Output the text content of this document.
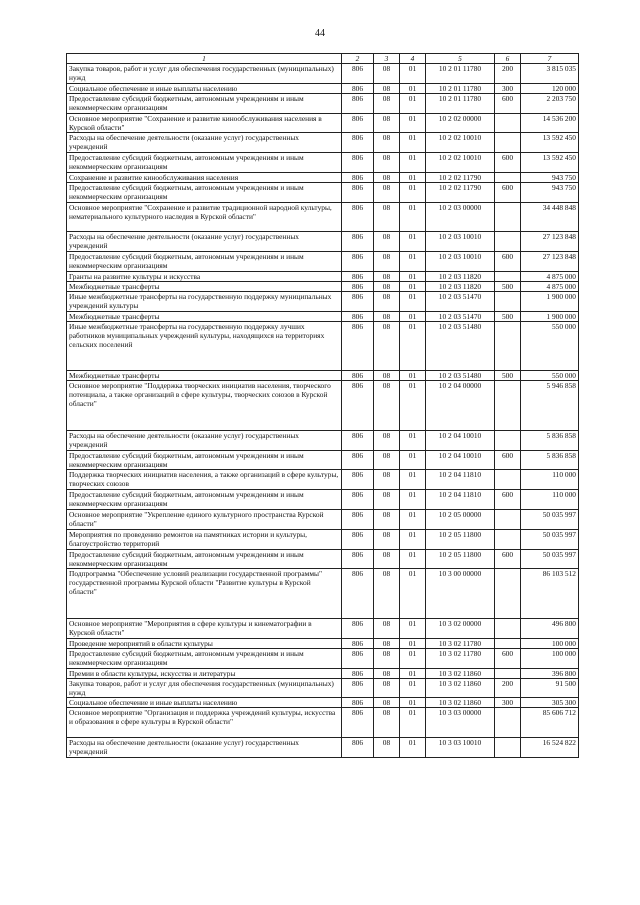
44
1	2	3	4	5	6	7
Закупка товаров, работ и услуг для обеспечения государственных (муниципальных) нужд	806	08	01	10 2 01 11780	200	3 815 035
Социальное обеспечение и иные выплаты населению	806	08	01	10 2 01 11780	300	120 000
Предоставление субсидий бюджетным, автономным учреждениям и иным некоммерческим организациям	806	08	01	10 2 01 11780	600	2 203 750
Основное мероприятие "Сохранение и развитие кинообслуживания населения в Курской области"	806	08	01	10 2 02 00000		14 536 200
Расходы на обеспечение деятельности (оказание услуг) государственных учреждений	806	08	01	10 2 02 10010		13 592 450
Предоставление субсидий бюджетным, автономным учреждениям и иным некоммерческим организациям	806	08	01	10 2 02 10010	600	13 592 450
Сохранение и развитие кинообслуживания населения	806	08	01	10 2 02 11790		943 750
Предоставление субсидий бюджетным, автономным учреждениям и иным некоммерческим организациям	806	08	01	10 2 02 11790	600	943 750
Основное мероприятие "Сохранение и развитие традиционной народной культуры, нематериального культурного наследия в Курской области"	806	08	01	10 2 03 00000		34 448 848
Расходы на обеспечение деятельности (оказание услуг) государственных учреждений	806	08	01	10 2 03 10010		27 123 848
Предоставление субсидий бюджетным, автономным учреждениям и иным некоммерческим организациям	806	08	01	10 2 03 10010	600	27 123 848
Гранты на развитие культуры и искусства	806	08	01	10 2 03 11820		4 875 000
Межбюджетные трансферты	806	08	01	10 2 03 11820	500	4 875 000
Иные межбюджетные трансферты на государственную поддержку муниципальных учреждений культуры	806	08	01	10 2 03 51470		1 900 000
Межбюджетные трансферты	806	08	01	10 2 03 51470	500	1 900 000
Иные межбюджетные трансферты на государственную поддержку лучших работников муниципальных учреждений культуры, находящихся на территориях сельских поселений	806	08	01	10 2 03 51480		550 000
Межбюджетные трансферты	806	08	01	10 2 03 51480	500	550 000
Основное мероприятие "Поддержка творческих инициатив населения, творческого потенциала, а также организаций в сфере культуры, творческих союзов в Курской области"	806	08	01	10 2 04 00000		5 946 858
Расходы на обеспечение деятельности (оказание услуг) государственных учреждений	806	08	01	10 2 04 10010		5 836 858
Предоставление субсидий бюджетным, автономным учреждениям и иным некоммерческим организациям	806	08	01	10 2 04 10010	600	5 836 858
Поддержка творческих инициатив населения, а также организаций в сфере культуры, творческих союзов	806	08	01	10 2 04 11810		110 000
Предоставление субсидий бюджетным, автономным учреждениям и иным некоммерческим организациям	806	08	01	10 2 04 11810	600	110 000
Основное мероприятие "Укрепление единого культурного пространства Курской области"	806	08	01	10 2 05 00000		50 035 997
Мероприятия по проведению ремонтов на памятниках истории и культуры, благоустройство территорий	806	08	01	10 2 05 11800		50 035 997
Предоставление субсидий бюджетным, автономным учреждениям и иным некоммерческим организациям	806	08	01	10 2 05 11800	600	50 035 997
Подпрограмма "Обеспечение условий реализации государственной программы" государственной программы Курской области "Развитие культуры в Курской области"	806	08	01	10 3 00 00000		86 103 512
Основное мероприятие "Мероприятия в сфере культуры и кинематографии в Курской области"	806	08	01	10 3 02 00000		496 800
Проведение мероприятий в области культуры	806	08	01	10 3 02 11780		100 000
Предоставление субсидий бюджетным, автономным учреждениям и иным некоммерческим организациям	806	08	01	10 3 02 11780	600	100 000
Премии в области культуры, искусства и литературы	806	08	01	10 3 02 11860		396 800
Закупка товаров, работ и услуг для обеспечения государственных (муниципальных) нужд	806	08	01	10 3 02 11860	200	91 500
Социальное обеспечение и иные выплаты населению	806	08	01	10 3 02 11860	300	305 300
Основное мероприятие "Организация и поддержка учреждений культуры, искусства и образования в сфере культуры в Курской области"	806	08	01	10 3 03 00000		85 606 712
Расходы на обеспечение деятельности (оказание услуг) государственных учреждений	806	08	01	10 3 03 10010		16 524 822
